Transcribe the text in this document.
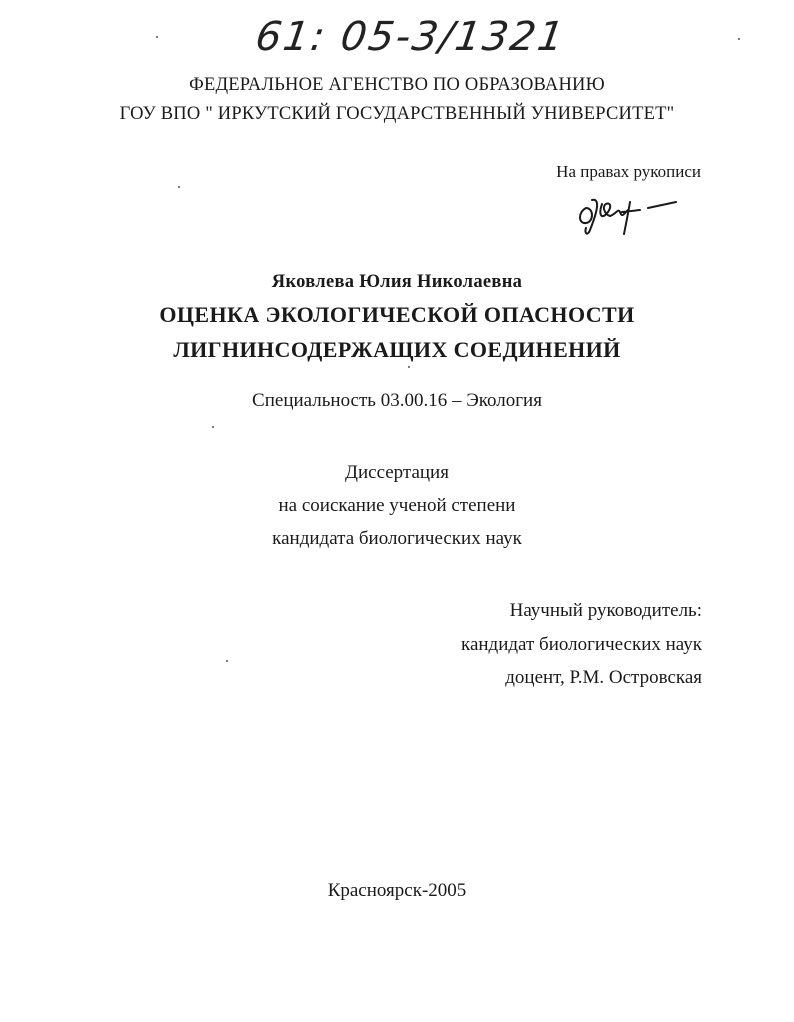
61: 05-3/1321
ФЕДЕРАЛЬНОЕ АГЕНСТВО ПО ОБРАЗОВАНИЮ
ГОУ ВПО " ИРКУТСКИЙ ГОСУДАРСТВЕННЫЙ УНИВЕРСИТЕТ"
На правах рукописи
Яковлева Юлия Николаевна
ОЦЕНКА ЭКОЛОГИЧЕСКОЙ ОПАСНОСТИ
ЛИГНИНСОДЕРЖАЩИХ СОЕДИНЕНИЙ
Специальность 03.00.16 – Экология
Диссертация
на соискание ученой степени
кандидата биологических наук
Научный руководитель:
кандидат биологических наук
доцент, Р.М. Островская
Красноярск-2005
